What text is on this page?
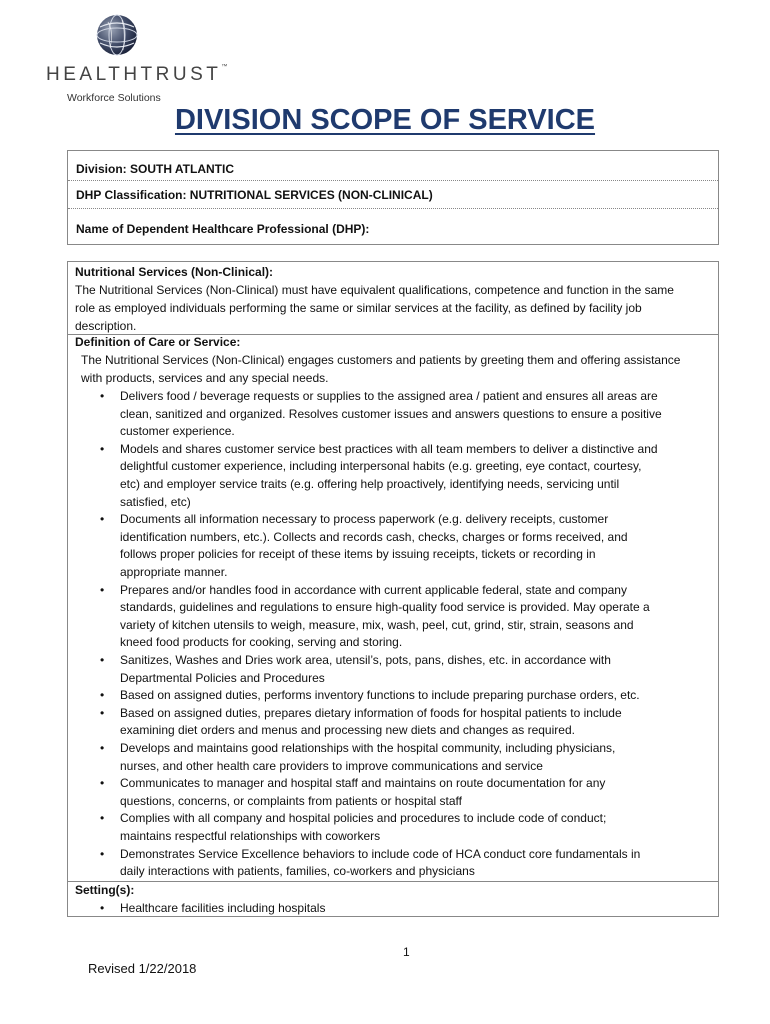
HEALTHTRUST™
Workforce Solutions
DIVISION SCOPE OF SERVICE
Division: SOUTH ATLANTIC
DHP Classification: NUTRITIONAL SERVICES (NON-CLINICAL)
Name of Dependent Healthcare Professional (DHP):
Nutritional Services (Non-Clinical):
The Nutritional Services (Non-Clinical) must have equivalent qualifications, competence and function in the same
role as employed individuals performing the same or similar services at the facility, as defined by facility job
description.
Definition of Care or Service:
The Nutritional Services (Non-Clinical) engages customers and patients by greeting them and offering assistance
with products, services and any special needs.
• Delivers food / beverage requests or supplies to the assigned area / patient and ensures all areas are
clean, sanitized and organized. Resolves customer issues and answers questions to ensure a positive
customer experience.
• Models and shares customer service best practices with all team members to deliver a distinctive and
delightful customer experience, including interpersonal habits (e.g. greeting, eye contact, courtesy,
etc) and employer service traits (e.g. offering help proactively, identifying needs, servicing until
satisfied, etc)
• Documents all information necessary to process paperwork (e.g. delivery receipts, customer
identification numbers, etc.). Collects and records cash, checks, charges or forms received, and
follows proper policies for receipt of these items by issuing receipts, tickets or recording in
appropriate manner.
• Prepares and/or handles food in accordance with current applicable federal, state and company
standards, guidelines and regulations to ensure high-quality food service is provided. May operate a
variety of kitchen utensils to weigh, measure, mix, wash, peel, cut, grind, stir, strain, seasons and
kneed food products for cooking, serving and storing.
• Sanitizes, Washes and Dries work area, utensil’s, pots, pans, dishes, etc. in accordance with
Departmental Policies and Procedures
• Based on assigned duties, performs inventory functions to include preparing purchase orders, etc.
• Based on assigned duties, prepares dietary information of foods for hospital patients to include
examining diet orders and menus and processing new diets and changes as required.
• Develops and maintains good relationships with the hospital community, including physicians,
nurses, and other health care providers to improve communications and service
• Communicates to manager and hospital staff and maintains on route documentation for any
questions, concerns, or complaints from patients or hospital staff
• Complies with all company and hospital policies and procedures to include code of conduct;
maintains respectful relationships with coworkers
• Demonstrates Service Excellence behaviors to include code of HCA conduct core fundamentals in
daily interactions with patients, families, co-workers and physicians
Setting(s):
• Healthcare facilities including hospitals
1
Revised 1/22/2018
